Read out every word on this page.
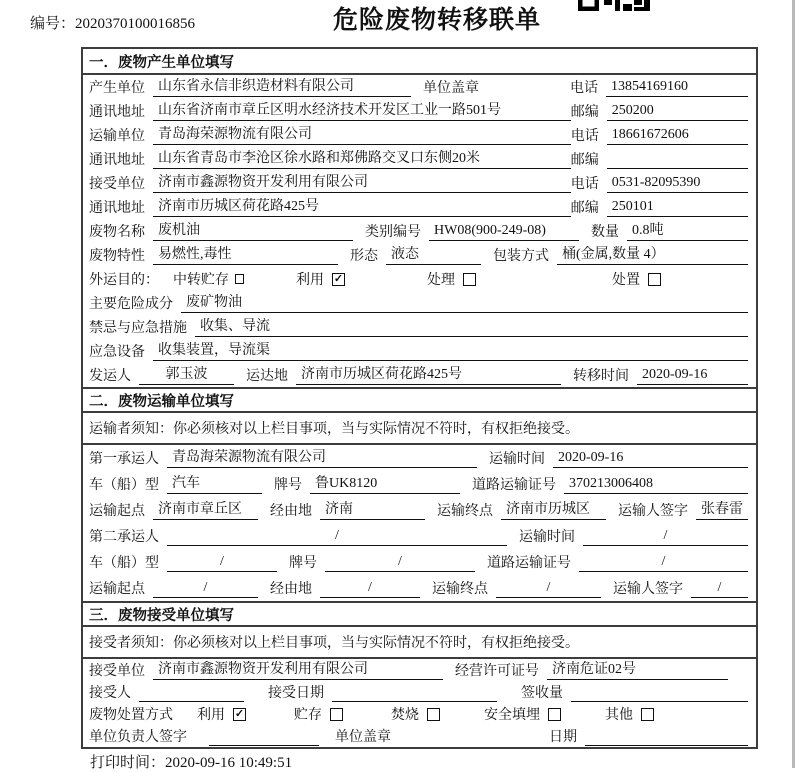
编号：2020370100016856	危险废物转移联单
一．废物产生单位填写
产生单位 山东省永信非织造材料有限公司	单位盖章	电话 13854169160
通讯地址 山东省济南市章丘区明水经济技术开发区工业一路501号	邮编 250200
运输单位 青岛海荣源物流有限公司	电话 18661672606
通讯地址 山东省青岛市李沧区徐水路和郑佛路交叉口东侧20米	邮编
接受单位 济南市鑫源物资开发利用有限公司	电话 0531-82095390
通讯地址 济南市历城区荷花路425号	邮编 250101
废物名称 废机油	类别编号 HW08(900-249-08)	数量 0.8吨
废物特性 易燃性,毒性	形态 液态	包装方式 桶(金属,数量 4）
外运目的： 中转贮存	利用 ✓	处理	处置
主要危险成分 废矿物油
禁忌与应急措施 收集、导流
应急设备 收集装置，导流渠
发运人	郭玉波	运达地 济南市历城区荷花路425号	转移时间 2020-09-16
二．废物运输单位填写
运输者须知：你必须核对以上栏目事项，当与实际情况不符时，有权拒绝接受。
第一承运人 青岛海荣源物流有限公司	运输时间 2020-09-16
车（船）型 汽车	牌号 鲁UK8120	道路运输证号 370213006408
运输起点 济南市章丘区	经由地 济南	运输终点 济南市历城区	运输人签字 张春雷
第二承运人	/	运输时间	/
车（船）型	/	牌号	/	道路运输证号	/
运输起点	/	经由地	/	运输终点	/	运输人签字	/
三．废物接受单位填写
接受者须知：你必须核对以上栏目事项，当与实际情况不符时，有权拒绝接受。
接受单位 济南市鑫源物资开发利用有限公司	经营许可证号 济南危证02号
接受人	接受日期	签收量
废物处置方式 利用 ✓	贮存	焚烧	安全填埋	其他
单位负责人签字	单位盖章	日期
打印时间：2020-09-16 10:49:51
